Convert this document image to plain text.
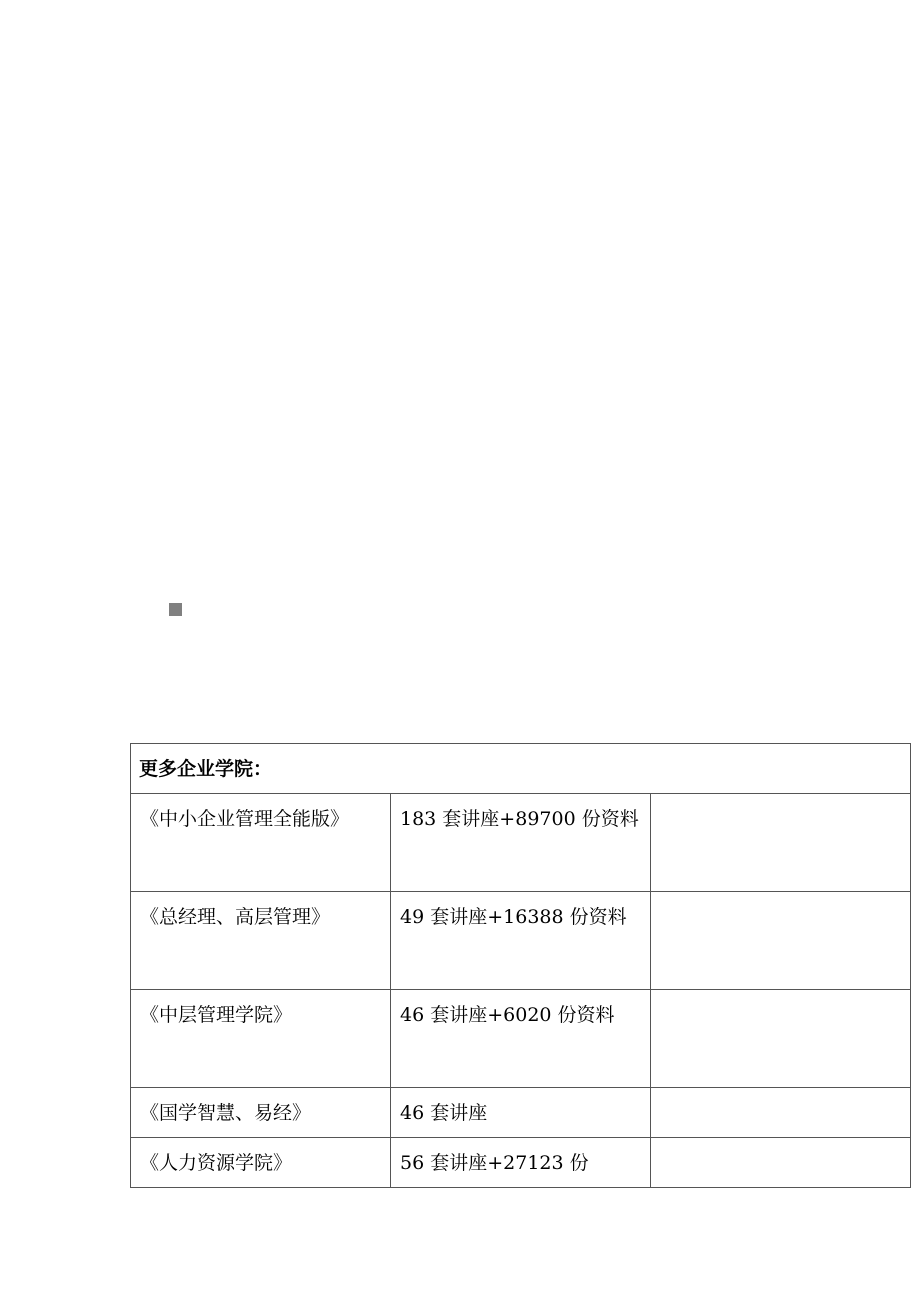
更多企业学院：		
《中小企业管理全能版》	183 套讲座+89700 份资料	
《总经理、高层管理》	49 套讲座+16388 份资料	
《中层管理学院》	46 套讲座+6020 份资料	
《国学智慧、易经》	46 套讲座	
《人力资源学院》	56 套讲座+27123 份	
